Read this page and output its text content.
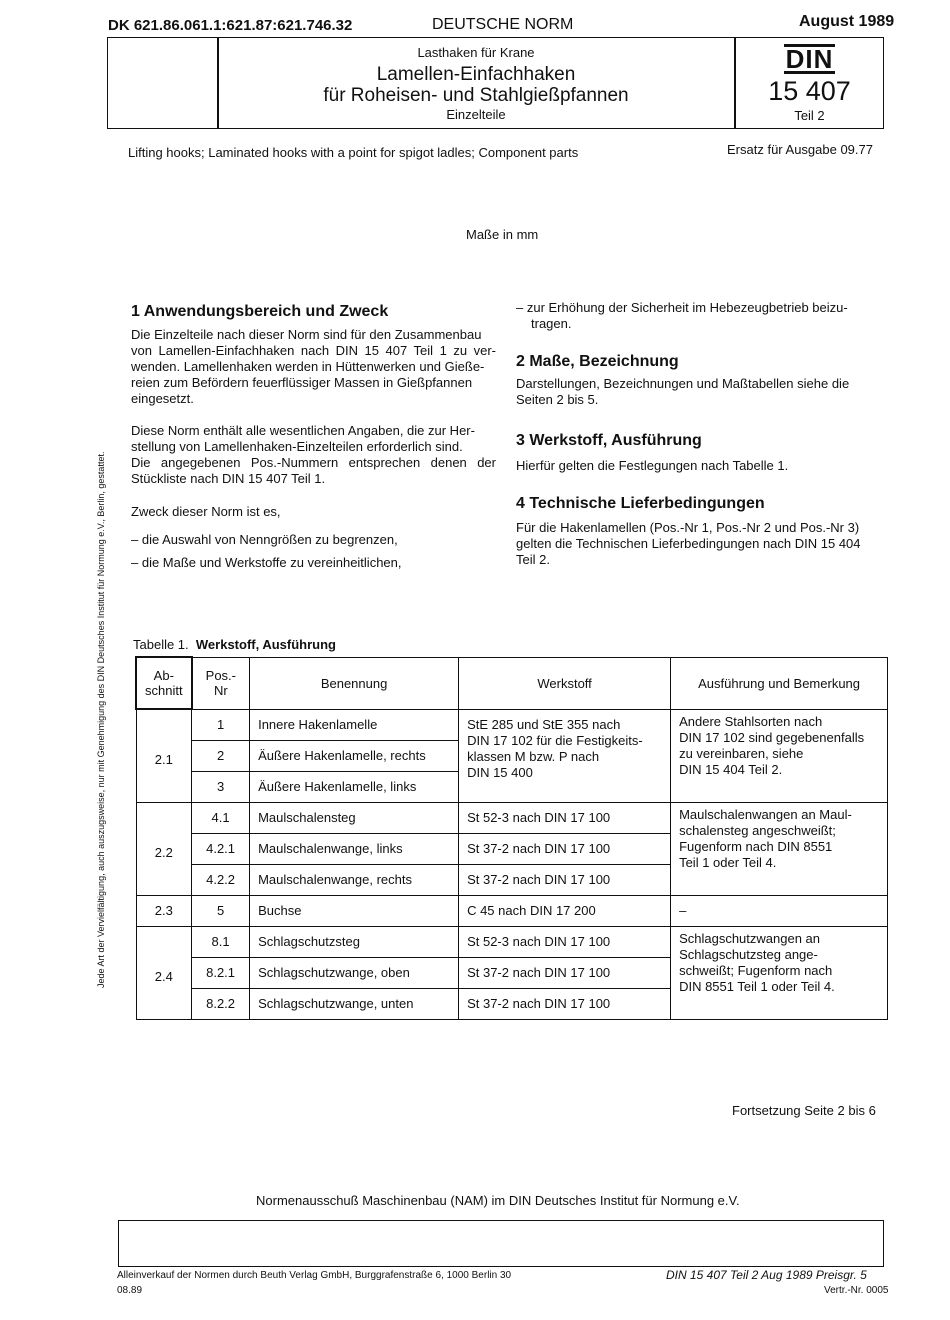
DK 621.86.061.1:621.87:621.746.32	DEUTSCHE NORM	August 1989
Lasthaken für Krane
Lamellen-Einfachhaken
für Roheisen- und Stahlgießpfannen
Einzelteile
DIN
15 407
Teil 2
Lifting hooks; Laminated hooks with a point for spigot ladles; Component parts	Ersatz für Ausgabe 09.77
Maße in mm
Jede Art der Vervielfältigung, auch auszugsweise, nur mit Genehmigung des DIN Deutsches Institut für Normung e.V., Berlin, gestattet.
1 Anwendungsbereich und Zweck
Die Einzelteile nach dieser Norm sind für den Zusammenbau
von Lamellen-Einfachhaken nach DIN 15 407 Teil 1 zu ver-
wenden. Lamellenhaken werden in Hüttenwerken und Gieße-
reien zum Befördern feuerflüssiger Massen in Gießpfannen
eingesetzt.
Diese Norm enthält alle wesentlichen Angaben, die zur Her-
stellung von Lamellenhaken-Einzelteilen erforderlich sind.
Die angegebenen Pos.-Nummern entsprechen denen der
Stückliste nach DIN 15 407 Teil 1.
Zweck dieser Norm ist es,
– die Auswahl von Nenngrößen zu begrenzen,
– die Maße und Werkstoffe zu vereinheitlichen,
– zur Erhöhung der Sicherheit im Hebezeugbetrieb beizu-
tragen.
2 Maße, Bezeichnung
Darstellungen, Bezeichnungen und Maßtabellen siehe die
Seiten 2 bis 5.
3 Werkstoff, Ausführung
Hierfür gelten die Festlegungen nach Tabelle 1.
4 Technische Lieferbedingungen
Für die Hakenlamellen (Pos.-Nr 1, Pos.-Nr 2 und Pos.-Nr 3)
gelten die Technischen Lieferbedingungen nach DIN 15 404
Teil 2.
Tabelle 1. Werkstoff, Ausführung
Ab-
schnitt	Pos.-Nr	Benennung	Werkstoff	Ausführung und Bemerkung
2.1	1	Innere Hakenlamelle	StE 285 und StE 355 nach
DIN 17 102 für die Festigkeits-
klassen M bzw. P nach
DIN 15 400	Andere Stahlsorten nach
DIN 17 102 sind gegebenenfalls
zu vereinbaren, siehe
DIN 15 404 Teil 2.
	2	Äußere Hakenlamelle, rechts		
	3	Äußere Hakenlamelle, links		
2.2	4.1	Maulschalensteg	St 52-3 nach DIN 17 100	Maulschalenwangen an Maul-
schalensteg angeschweißt;
Fugenform nach DIN 8551
Teil 1 oder Teil 4.
	4.2.1	Maulschalenwange, links	St 37-2 nach DIN 17 100	
	4.2.2	Maulschalenwange, rechts	St 37-2 nach DIN 17 100	
2.3	5	Buchse	C 45 nach DIN 17 200	–
2.4	8.1	Schlagschutzsteg	St 52-3 nach DIN 17 100	Schlagschutzwangen an
Schlagschutzsteg ange-
schweißt; Fugenform nach
DIN 8551 Teil 1 oder Teil 4.
	8.2.1	Schlagschutzwange, oben	St 37-2 nach DIN 17 100	
	8.2.2	Schlagschutzwange, unten	St 37-2 nach DIN 17 100	
Fortsetzung Seite 2 bis 6
Normenausschuß Maschinenbau (NAM) im DIN Deutsches Institut für Normung e.V.
Alleinverkauf der Normen durch Beuth Verlag GmbH, Burggrafenstraße 6, 1000 Berlin 30
08.89
DIN 15 407 Teil 2 Aug 1989 Preisgr. 5
Vertr.-Nr. 0005
